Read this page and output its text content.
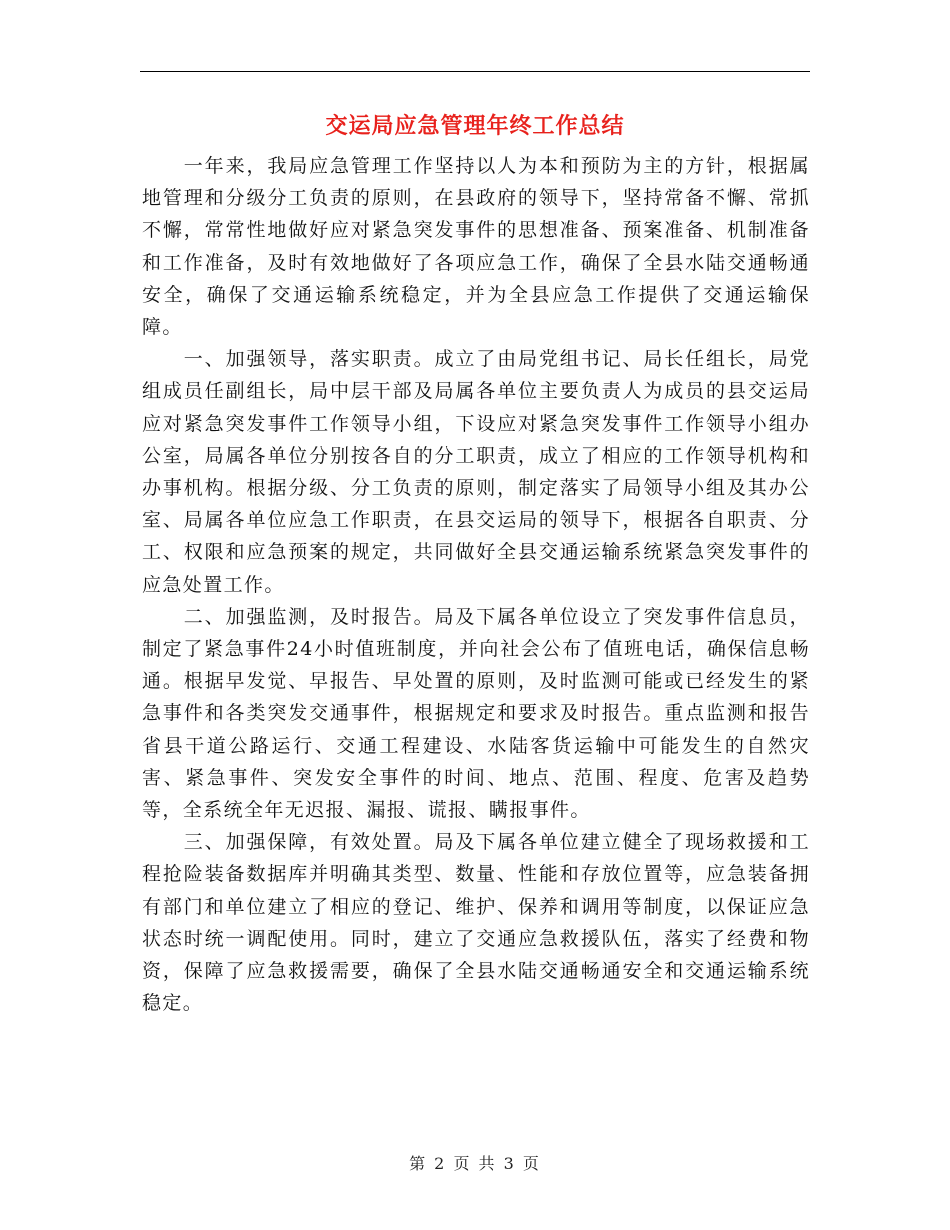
交运局应急管理年终工作总结

一年来，我局应急管理工作坚持以人为本和预防为主的方针，根据属地管理和分级分工负责的原则，在县政府的领导下，坚持常备不懈、常抓不懈，常常性地做好应对紧急突发事件的思想准备、预案准备、机制准备和工作准备，及时有效地做好了各项应急工作，确保了全县水陆交通畅通安全，确保了交通运输系统稳定，并为全县应急工作提供了交通运输保障。

一、加强领导，落实职责。成立了由局党组书记、局长任组长，局党组成员任副组长，局中层干部及局属各单位主要负责人为成员的县交运局应对紧急突发事件工作领导小组，下设应对紧急突发事件工作领导小组办公室，局属各单位分别按各自的分工职责，成立了相应的工作领导机构和办事机构。根据分级、分工负责的原则，制定落实了局领导小组及其办公室、局属各单位应急工作职责，在县交运局的领导下，根据各自职责、分工、权限和应急预案的规定，共同做好全县交通运输系统紧急突发事件的应急处置工作。

二、加强监测，及时报告。局及下属各单位设立了突发事件信息员，制定了紧急事件24小时值班制度，并向社会公布了值班电话，确保信息畅通。根据早发觉、早报告、早处置的原则，及时监测可能或已经发生的紧急事件和各类突发交通事件，根据规定和要求及时报告。重点监测和报告省县干道公路运行、交通工程建设、水陆客货运输中可能发生的自然灾害、紧急事件、突发安全事件的时间、地点、范围、程度、危害及趋势等，全系统全年无迟报、漏报、谎报、瞒报事件。

三、加强保障，有效处置。局及下属各单位建立健全了现场救援和工程抢险装备数据库并明确其类型、数量、性能和存放位置等，应急装备拥有部门和单位建立了相应的登记、维护、保养和调用等制度，以保证应急状态时统一调配使用。同时，建立了交通应急救援队伍，落实了经费和物资，保障了应急救援需要，确保了全县水陆交通畅通安全和交通运输系统稳定。

第 2 页 共 3 页
